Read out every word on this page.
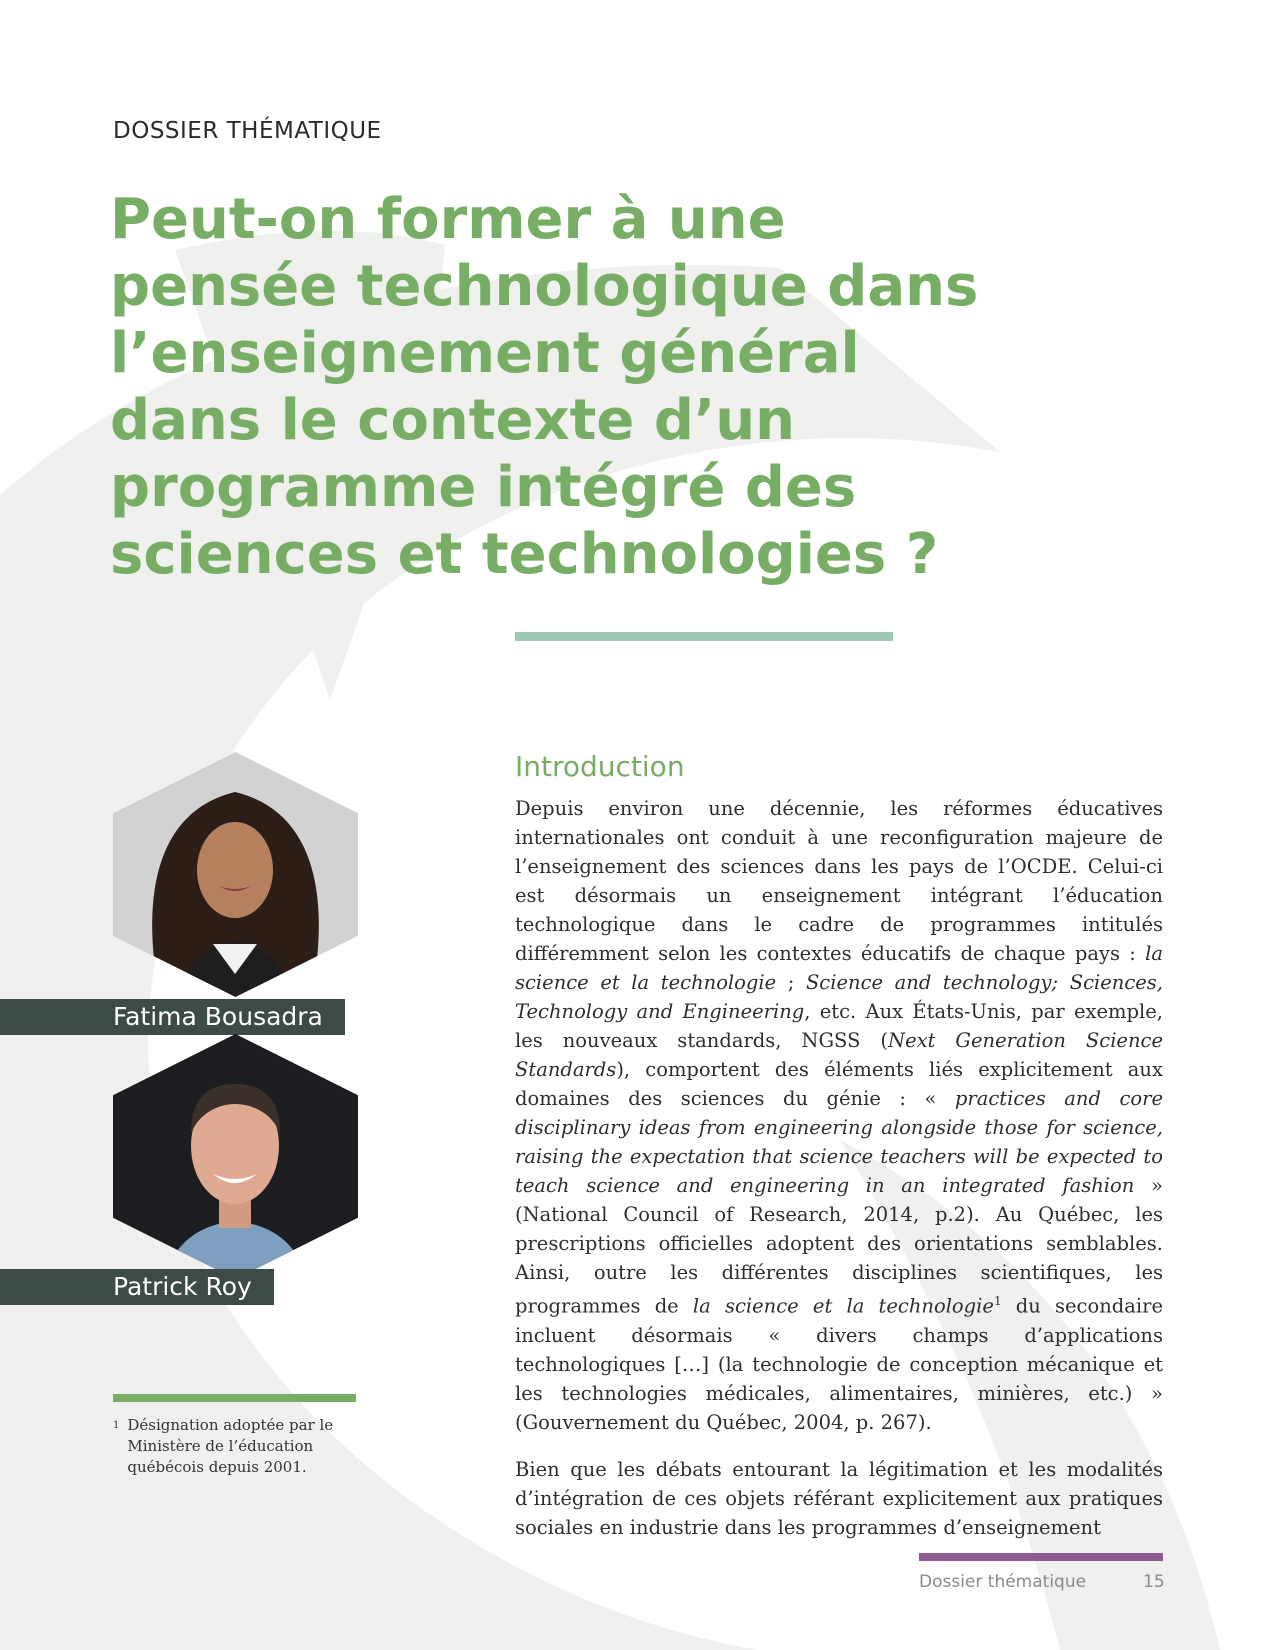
DOSSIER THÉMATIQUE
Peut-on former à une pensée technologique dans l’enseignement général dans le contexte d’un programme intégré des sciences et technologies ?
Fatima Bousadra
Patrick Roy
$^1$ Désignation adoptée par le Ministère de l’éducation québécois depuis 2001.
Introduction

Depuis environ une décennie, les réformes éducatives internationales ont conduit à une reconfiguration majeure de l’enseignement des sciences dans les pays de l’OCDE. Celui-ci est désormais un enseignement intégrant l’éducation technologique dans le cadre de programmes intitulés différemment selon les contextes éducatifs de chaque pays : la science et la technologie ; Science and technology; Sciences, Technology and Engineering, etc. Aux États-Unis, par exemple, les nouveaux standards, NGSS (Next Generation Science Standards), comportent des éléments liés explicitement aux domaines des sciences du génie : « practices and core disciplinary ideas from engineering alongside those for science, raising the expectation that science teachers will be expected to teach science and engineering in an integrated fashion » (National Council of Research, 2014, p.2). Au Québec, les prescriptions officielles adoptent des orientations semblables. Ainsi, outre les différentes disciplines scientifiques, les programmes de la science et la technologie$^1$ du secondaire incluent désormais « divers champs d’applications technologiques […] (la technologie de conception mécanique et les technologies médicales, alimentaires, minières, etc.) » (Gouvernement du Québec, 2004, p. 267).

Bien que les débats entourant la légitimation et les modalités d’intégration de ces objets référant explicitement aux pratiques sociales en industrie dans les programmes d’enseignement

Dossier thématique	15
